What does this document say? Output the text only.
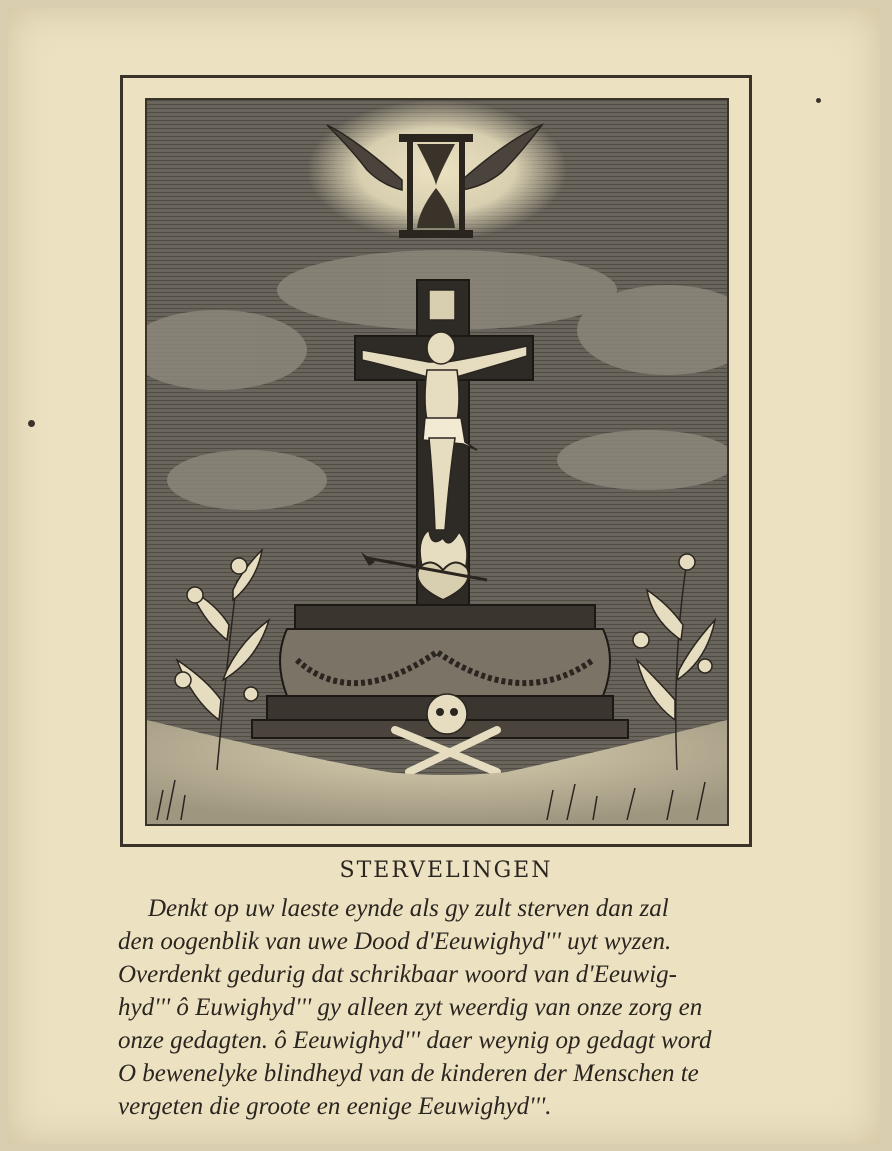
STERVELINGEN
Denkt op uw laeste eynde als gy zult sterven dan zal
den oogenblik van uwe Dood d'Eeuwighyd''' uyt wyzen.
Overdenkt gedurig dat schrikbaar woord van d'Eeuwig-
hyd''' ô Euwighyd''' gy alleen zyt weerdig van onze zorg en
onze gedagten. ô Eeuwighyd''' daer weynig op gedagt word
O bewenelyke blindheyd van de kinderen der Menschen te
vergeten die groote en eenige Eeuwighyd'''.
